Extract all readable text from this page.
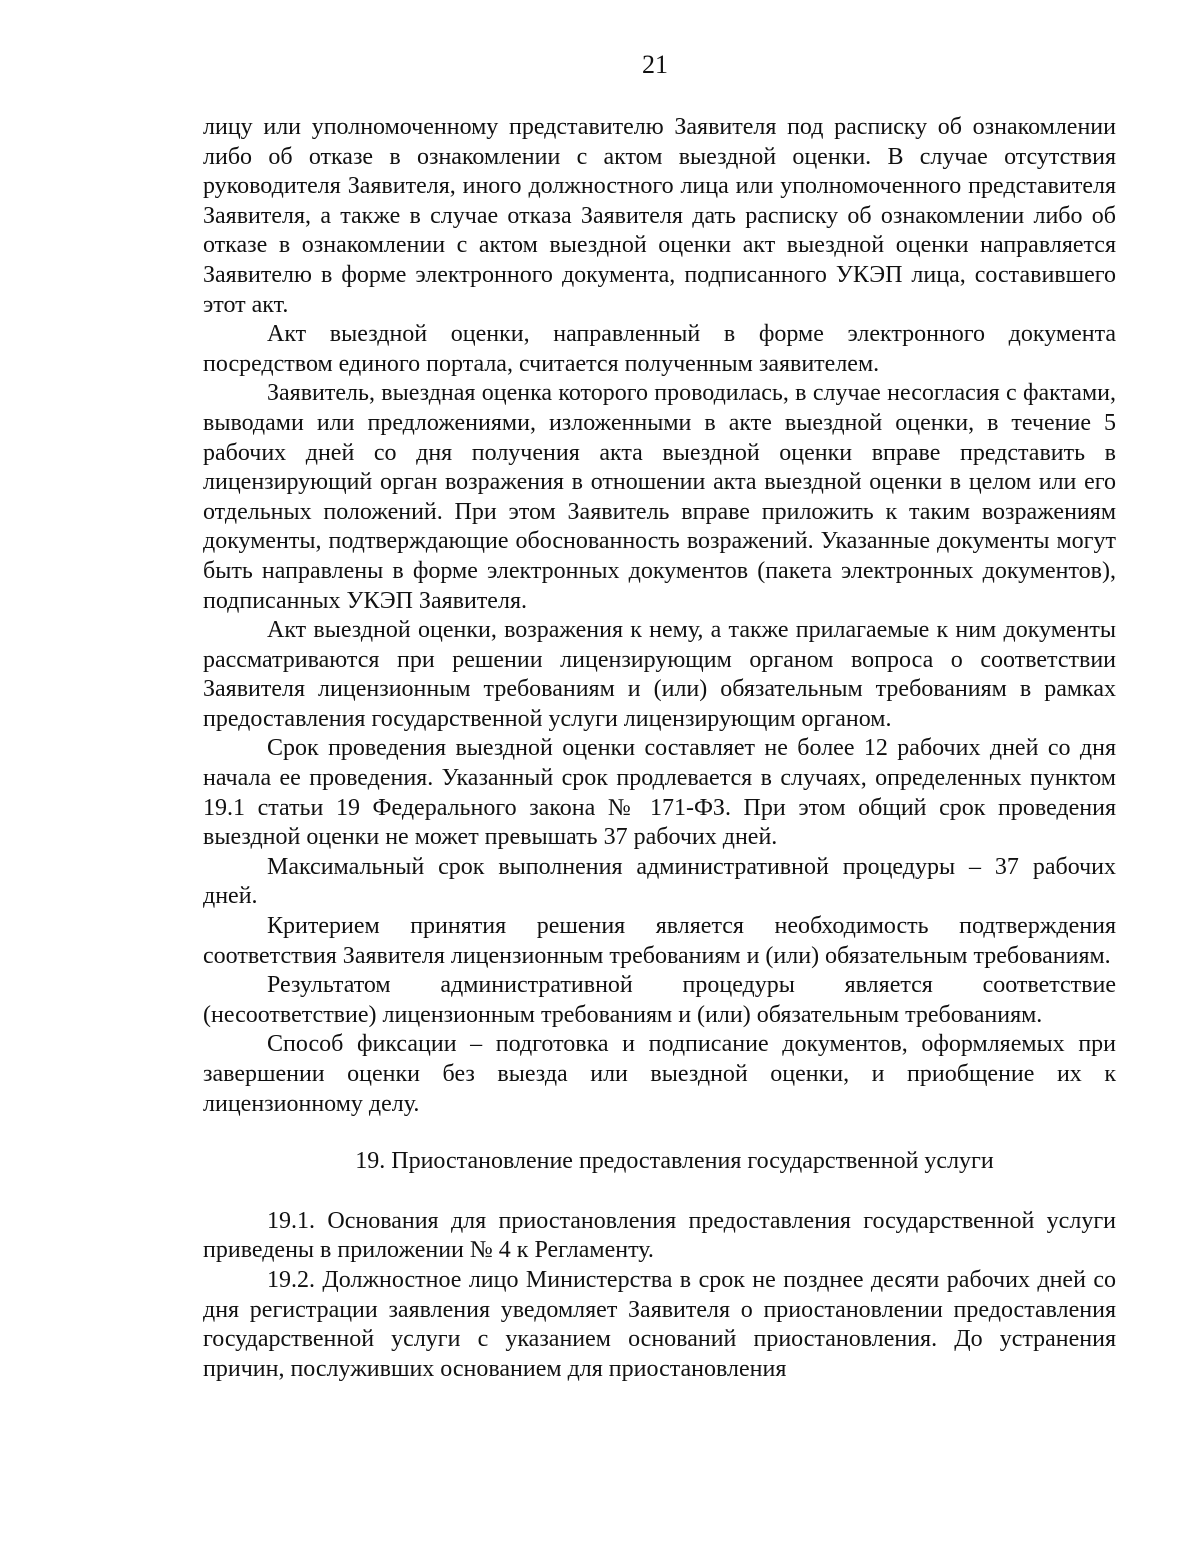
21

лицу или уполномоченному представителю Заявителя под расписку об ознакомлении либо об отказе в ознакомлении с актом выездной оценки. В случае отсутствия руководителя Заявителя, иного должностного лица или уполномоченного представителя Заявителя, а также в случае отказа Заявителя дать расписку об ознакомлении либо об отказе в ознакомлении с актом выездной оценки акт выездной оценки направляется Заявителю в форме электронного документа, подписанного УКЭП лица, составившего этот акт.

Акт выездной оценки, направленный в форме электронного документа посредством единого портала, считается полученным заявителем.

Заявитель, выездная оценка которого проводилась, в случае несогласия с фактами, выводами или предложениями, изложенными в акте выездной оценки, в течение 5 рабочих дней со дня получения акта выездной оценки вправе представить в лицензирующий орган возражения в отношении акта выездной оценки в целом или его отдельных положений. При этом Заявитель вправе приложить к таким возражениям документы, подтверждающие обоснованность возражений. Указанные документы могут быть направлены в форме электронных документов (пакета электронных документов), подписанных УКЭП Заявителя.

Акт выездной оценки, возражения к нему, а также прилагаемые к ним документы рассматриваются при решении лицензирующим органом вопроса о соответствии Заявителя лицензионным требованиям и (или) обязательным требованиям в рамках предоставления государственной услуги лицензирующим органом.

Срок проведения выездной оценки составляет не более 12 рабочих дней со дня начала ее проведения. Указанный срок продлевается в случаях, определенных пунктом 19.1 статьи 19 Федерального закона № 171-ФЗ. При этом общий срок проведения выездной оценки не может превышать 37 рабочих дней.

Максимальный срок выполнения административной процедуры – 37 рабочих дней.

Критерием принятия решения является необходимость подтверждения соответствия Заявителя лицензионным требованиям и (или) обязательным требованиям.

Результатом административной процедуры является соответствие (несоответствие) лицензионным требованиям и (или) обязательным требованиям.

Способ фиксации – подготовка и подписание документов, оформляемых при завершении оценки без выезда или выездной оценки, и приобщение их к лицензионному делу.

19. Приостановление предоставления государственной услуги

19.1. Основания для приостановления предоставления государственной услуги приведены в приложении № 4 к Регламенту.

19.2. Должностное лицо Министерства в срок не позднее десяти рабочих дней со дня регистрации заявления уведомляет Заявителя о приостановлении предоставления государственной услуги с указанием оснований приостановления. До устранения причин, послуживших основанием для приостановления
